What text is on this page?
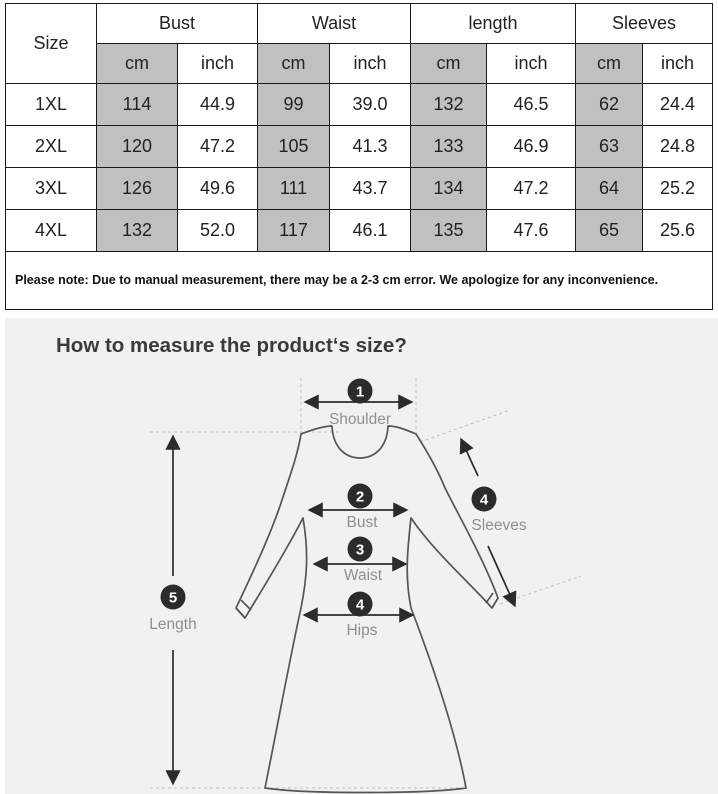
Size	Bust		Waist		length		Sleeves	
	cm	inch	cm	inch	cm	inch	cm	inch
1XL	114	44.9	99	39.0	132	46.5	62	24.4
2XL	120	47.2	105	41.3	133	46.9	63	24.8
3XL	126	49.6	111	43.7	134	47.2	64	25.2
4XL	132	52.0	117	46.1	135	47.6	65	25.6
Please note: Due to manual measurement, there may be a 2-3 cm error. We apologize for any inconvenience.								
How to measure the product‘s size?
1
Shoulder
2
Bust
3
Waist
4
Hips
4
Sleeves
5
Length
